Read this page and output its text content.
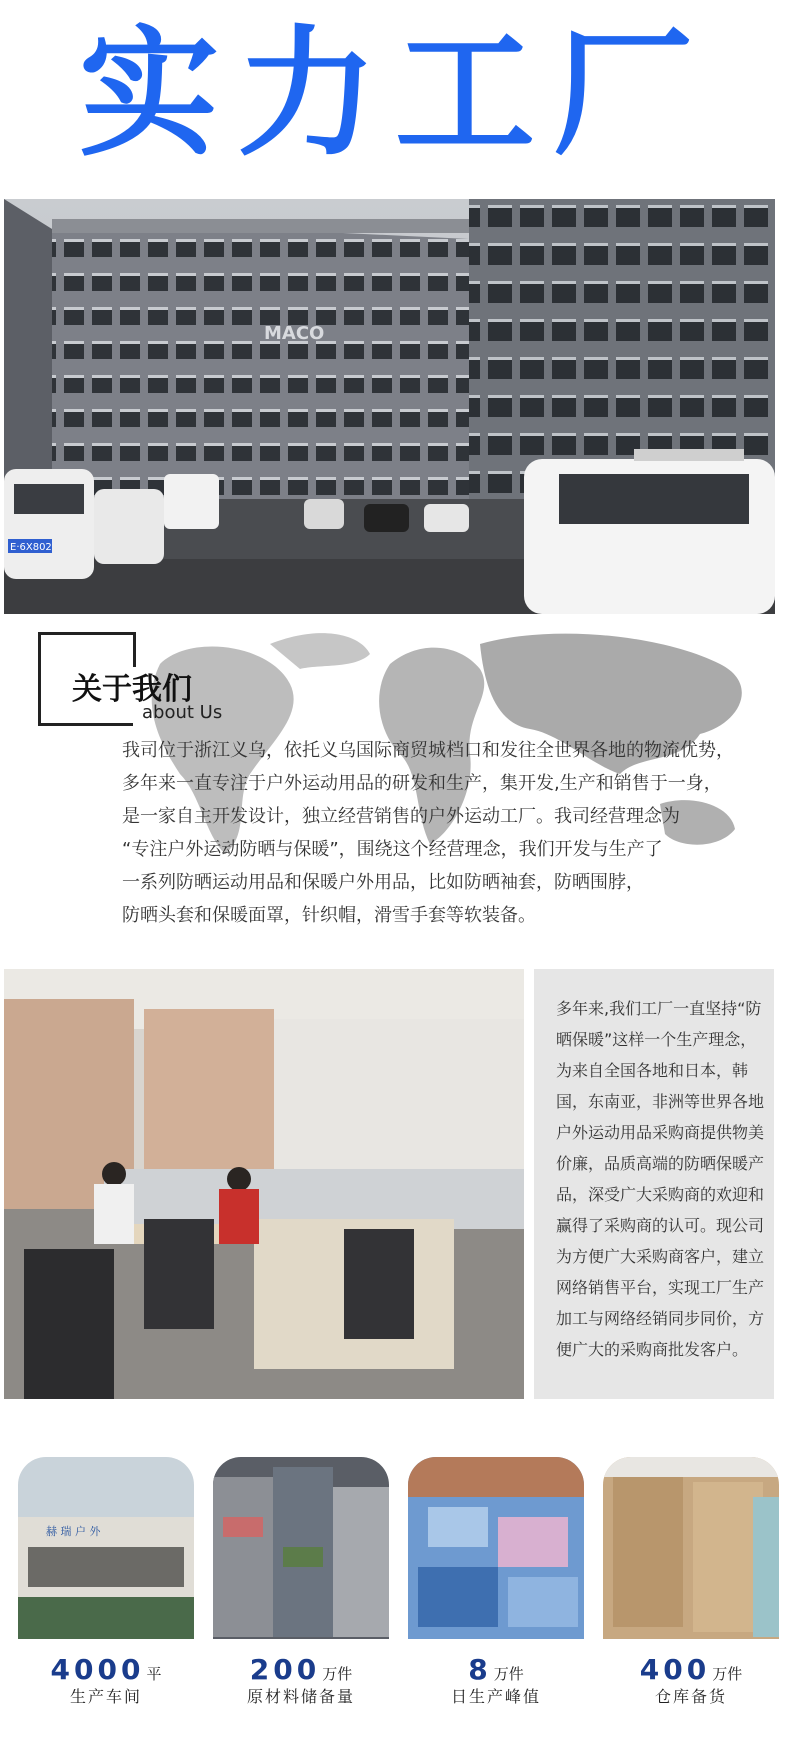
实力工厂
MACO
E·6X802
关于我们
about Us

我司位于浙江义乌，依托义乌国际商贸城档口和发往全世界各地的物流优势，

多年来一直专注于户外运动用品的研发和生产，集开发,生产和销售于一身，

是一家自主开发设计，独立经营销售的户外运动工厂。我司经营理念为

“专注户外运动防晒与保暖”，围绕这个经营理念，我们开发与生产了

一系列防晒运动用品和保暖户外用品，比如防晒袖套，防晒围脖，

防晒头套和保暖面罩，针织帽，滑雪手套等软装备。

多年来,我们工厂一直坚持“防晒保暖”这样一个生产理念，为来自全国各地和日本，韩国，东南亚，非洲等世界各地户外运动用品采购商提供物美价廉，品质高端的防晒保暖产品，深受广大采购商的欢迎和赢得了采购商的认可。现公司为方便广大采购商客户，建立网络销售平台，实现工厂生产加工与网络经销同步同价，方便广大的采购商批发客户。

赫 瑞 户 外
4000 平
生产车间
200 万件
原材料储备量
8 万件
日生产峰值
400 万件
仓库备货
